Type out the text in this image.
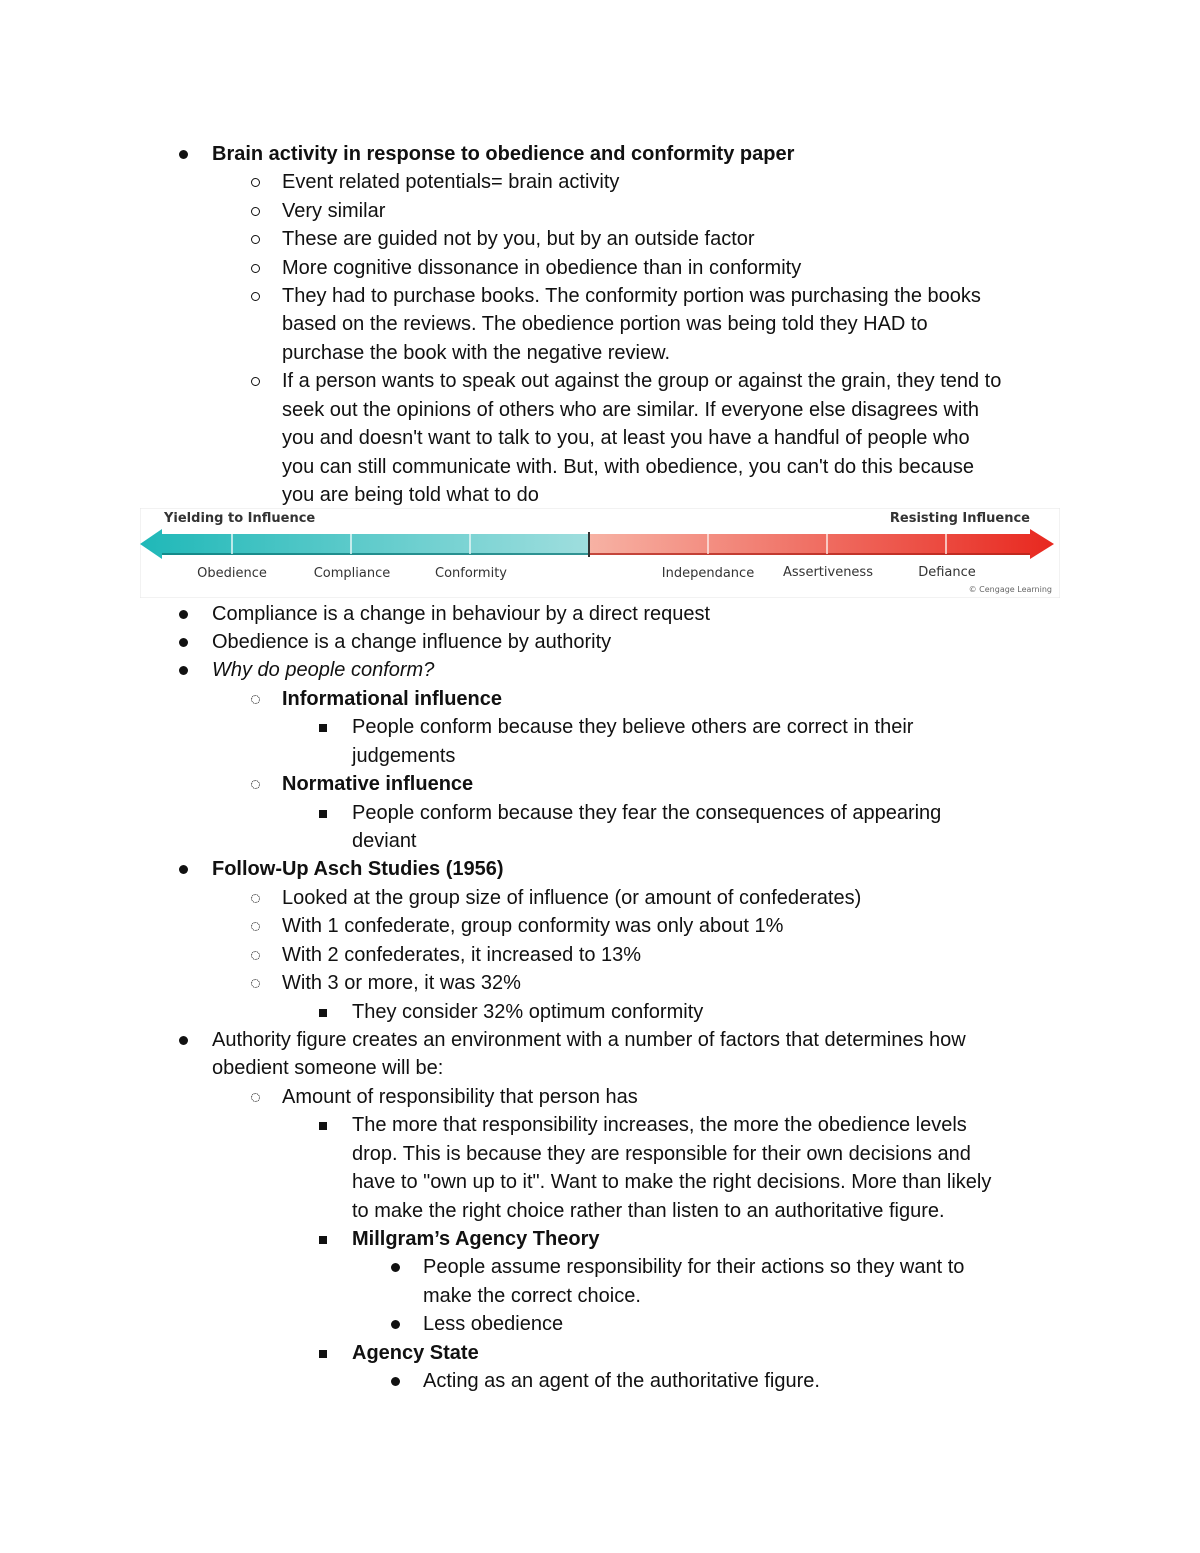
Brain activity in response to obedience and conformity paper
Event related potentials= brain activity
Very similar
These are guided not by you, but by an outside factor
More cognitive dissonance in obedience than in conformity
They had to purchase books. The conformity portion was purchasing the books
based on the reviews. The obedience portion was being told they HAD to
purchase the book with the negative review.
If a person wants to speak out against the group or against the grain, they tend to
seek out the opinions of others who are similar. If everyone else disagrees with
you and doesn't want to talk to you, at least you have a handful of people who
you can still communicate with. But, with obedience, you can't do this because
you are being told what to do
Yielding to Influence	Resisting Influence
Obedience	Compliance	Conformity	Independance Assertiveness	Defiance
© Cengage Learning
Compliance is a change in behaviour by a direct request
Obedience is a change influence by authority
Why do people conform?
Informational influence
People conform because they believe others are correct in their
judgements
Normative influence
People conform because they fear the consequences of appearing
deviant
Follow-Up Asch Studies (1956)
Looked at the group size of influence (or amount of confederates)
With 1 confederate, group conformity was only about 1%
With 2 confederates, it increased to 13%
With 3 or more, it was 32%
They consider 32% optimum conformity
Authority figure creates an environment with a number of factors that determines how
obedient someone will be:
Amount of responsibility that person has
The more that responsibility increases, the more the obedience levels
drop. This is because they are responsible for their own decisions and
have to "own up to it". Want to make the right decisions. More than likely
to make the right choice rather than listen to an authoritative figure.
Millgram’s Agency Theory
People assume responsibility for their actions so they want to
make the correct choice.
Less obedience
Agency State
Acting as an agent of the authoritative figure.
